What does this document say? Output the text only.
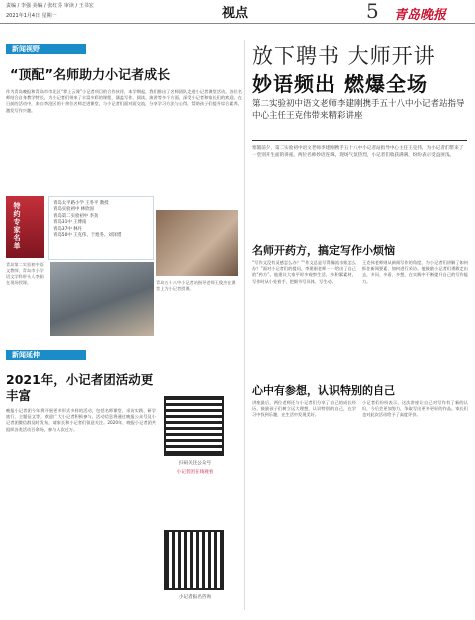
责编 / 李强 美编 / 张红芬 审读 / 王书宏
2021年1月4日 星期一	视点	5 青岛晚报
新闻视野
“顶配”名师助力小记者成长
作为青岛晚报和青岛市市北区“掌上云课”小记者项目的合作伙伴，本学期起，我们推出了名师团队走进小记者课堂活动。各位名师结合自身教学特长，为小记者们带来了丰富多彩的课程，涵盖写作、阅读、演讲等多个方面，深受小记者和家长们的欢迎。在日前的活动中，来自李沧区的十余位名师走进课堂，与小记者们面对面交流，分享学习方法与心得，帮助孩子们提升综合素养，激发写作兴趣。
特约专家名单	青岛太平路小学 王冬平 教授
青岛实验初中 林欣国
青岛第二实验初中 李劲
青岛31中 王博南
青岛37中 林丹
青岛50中 王克伟、于旭冬、刘泽惜
青岛五十八中小记者站指导老师王俊杰在课堂上为小记者授课。
青岛第二实验初中语文教师、青岛市小学语文学科带头人李娟在现场授课。
新闻延伸
2021年，小记者团活动更丰富
晚报小记者团今年将开展更多形式多样的活动，包括名师课堂、采访实践、研学旅行、主题征文等，欢迎广大小记者积极参与。活动信息将通过晚报公众号及小记者团微信群及时发布，请家长和小记者们留意关注。2020年，晚报小记者团共组织各类活动百余场，参与人次过万。
扫码关注公众号
小记者团在线观看
小记者报名咨询
放下聘书 大师开讲
妙语频出 燃爆全场
第二实验初中语文老师李建刚携手五十八中小记者站指导中心主任王克伟带来精彩讲座
寒假前夕，第二实验初中语文老师李建刚携手五十八中小记者站指导中心主任王克伟，为小记者们带来了一堂别开生面的讲座。两位名师妙语连珠，现场气氛热烈，小记者们收获满满，纷纷表示受益匪浅。
名师开药方，搞定写作小烦恼
“写作文没有灵感怎么办？”“作文总是写得像流水账怎么办？”面对小记者们的提问，李建刚老师一一给出了自己的“药方”。他建议大家平时多观察生活，多积累素材，写作时从小处着手，把细节写具体、写生动。
王克伟老师则从新闻写作的角度，为小记者们讲解了如何抓住新闻要素、如何进行采访。他鼓励小记者们勇敢走出去，多问、多看、多想，在实践中不断提升自己的写作能力。
心中有参想，认识特别的自己
讲座最后，两位老师还与小记者们分享了自己的成长经历，鼓励孩子们树立远大理想，认识特别的自己，在学习中找到乐趣，在生活中发现美好。
小记者们纷纷表示，这次讲座让自己对写作有了新的认识，今后会更加努力，争取写出更多更好的作品。家长们也对此次活动给予了高度评价。
